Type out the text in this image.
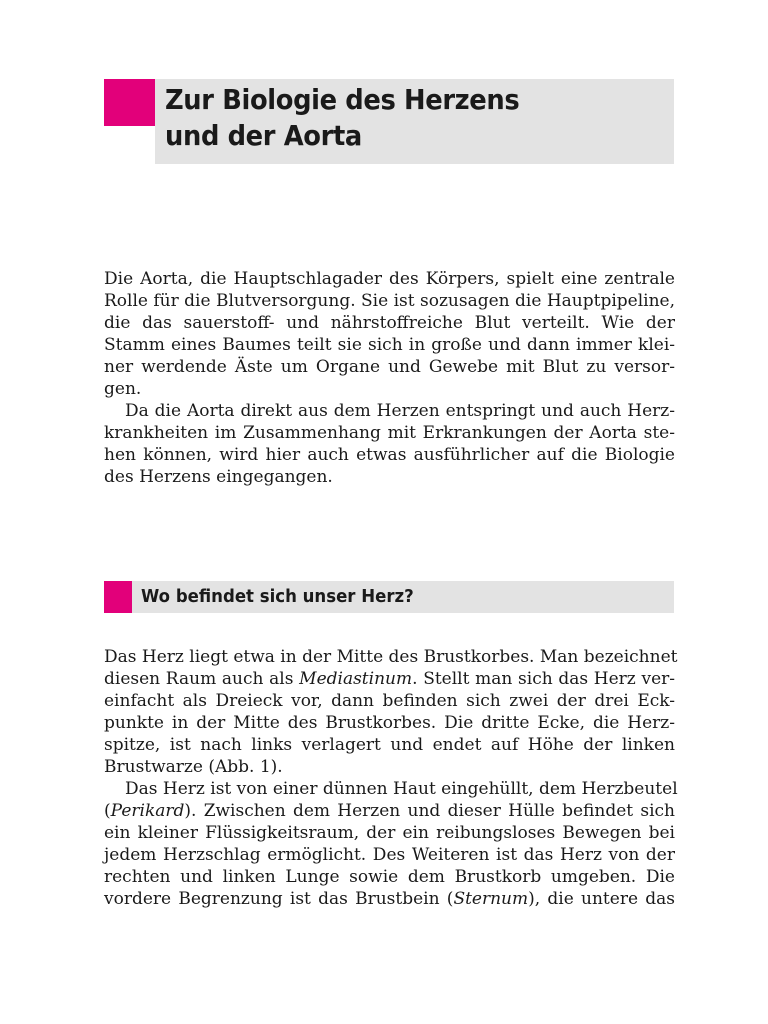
Zur Biologie des Herzens
und der Aorta
Die Aorta, die Hauptschlagader des Körpers, spielt eine zentrale
Rolle für die Blutversorgung. Sie ist sozusagen die Hauptpipeline,
die das sauerstoff- und nährstoffreiche Blut verteilt. Wie der
Stamm eines Baumes teilt sie sich in große und dann immer klei-
ner werdende Äste um Organe und Gewebe mit Blut zu versor-
gen.
Da die Aorta direkt aus dem Herzen entspringt und auch Herz-
krankheiten im Zusammenhang mit Erkrankungen der Aorta ste-
hen können, wird hier auch etwas ausführlicher auf die Biologie
des Herzens eingegangen.
Wo befindet sich unser Herz?
Das Herz liegt etwa in der Mitte des Brustkorbes. Man bezeichnet
diesen Raum auch als Mediastinum. Stellt man sich das Herz ver-
einfacht als Dreieck vor, dann befinden sich zwei der drei Eck-
punkte in der Mitte des Brustkorbes. Die dritte Ecke, die Herz-
spitze, ist nach links verlagert und endet auf Höhe der linken
Brustwarze (Abb. 1).
Das Herz ist von einer dünnen Haut eingehüllt, dem Herzbeutel
(Perikard). Zwischen dem Herzen und dieser Hülle befindet sich
ein kleiner Flüssigkeitsraum, der ein reibungsloses Bewegen bei
jedem Herzschlag ermöglicht. Des Weiteren ist das Herz von der
rechten und linken Lunge sowie dem Brustkorb umgeben. Die
vordere Begrenzung ist das Brustbein (Sternum), die untere das
